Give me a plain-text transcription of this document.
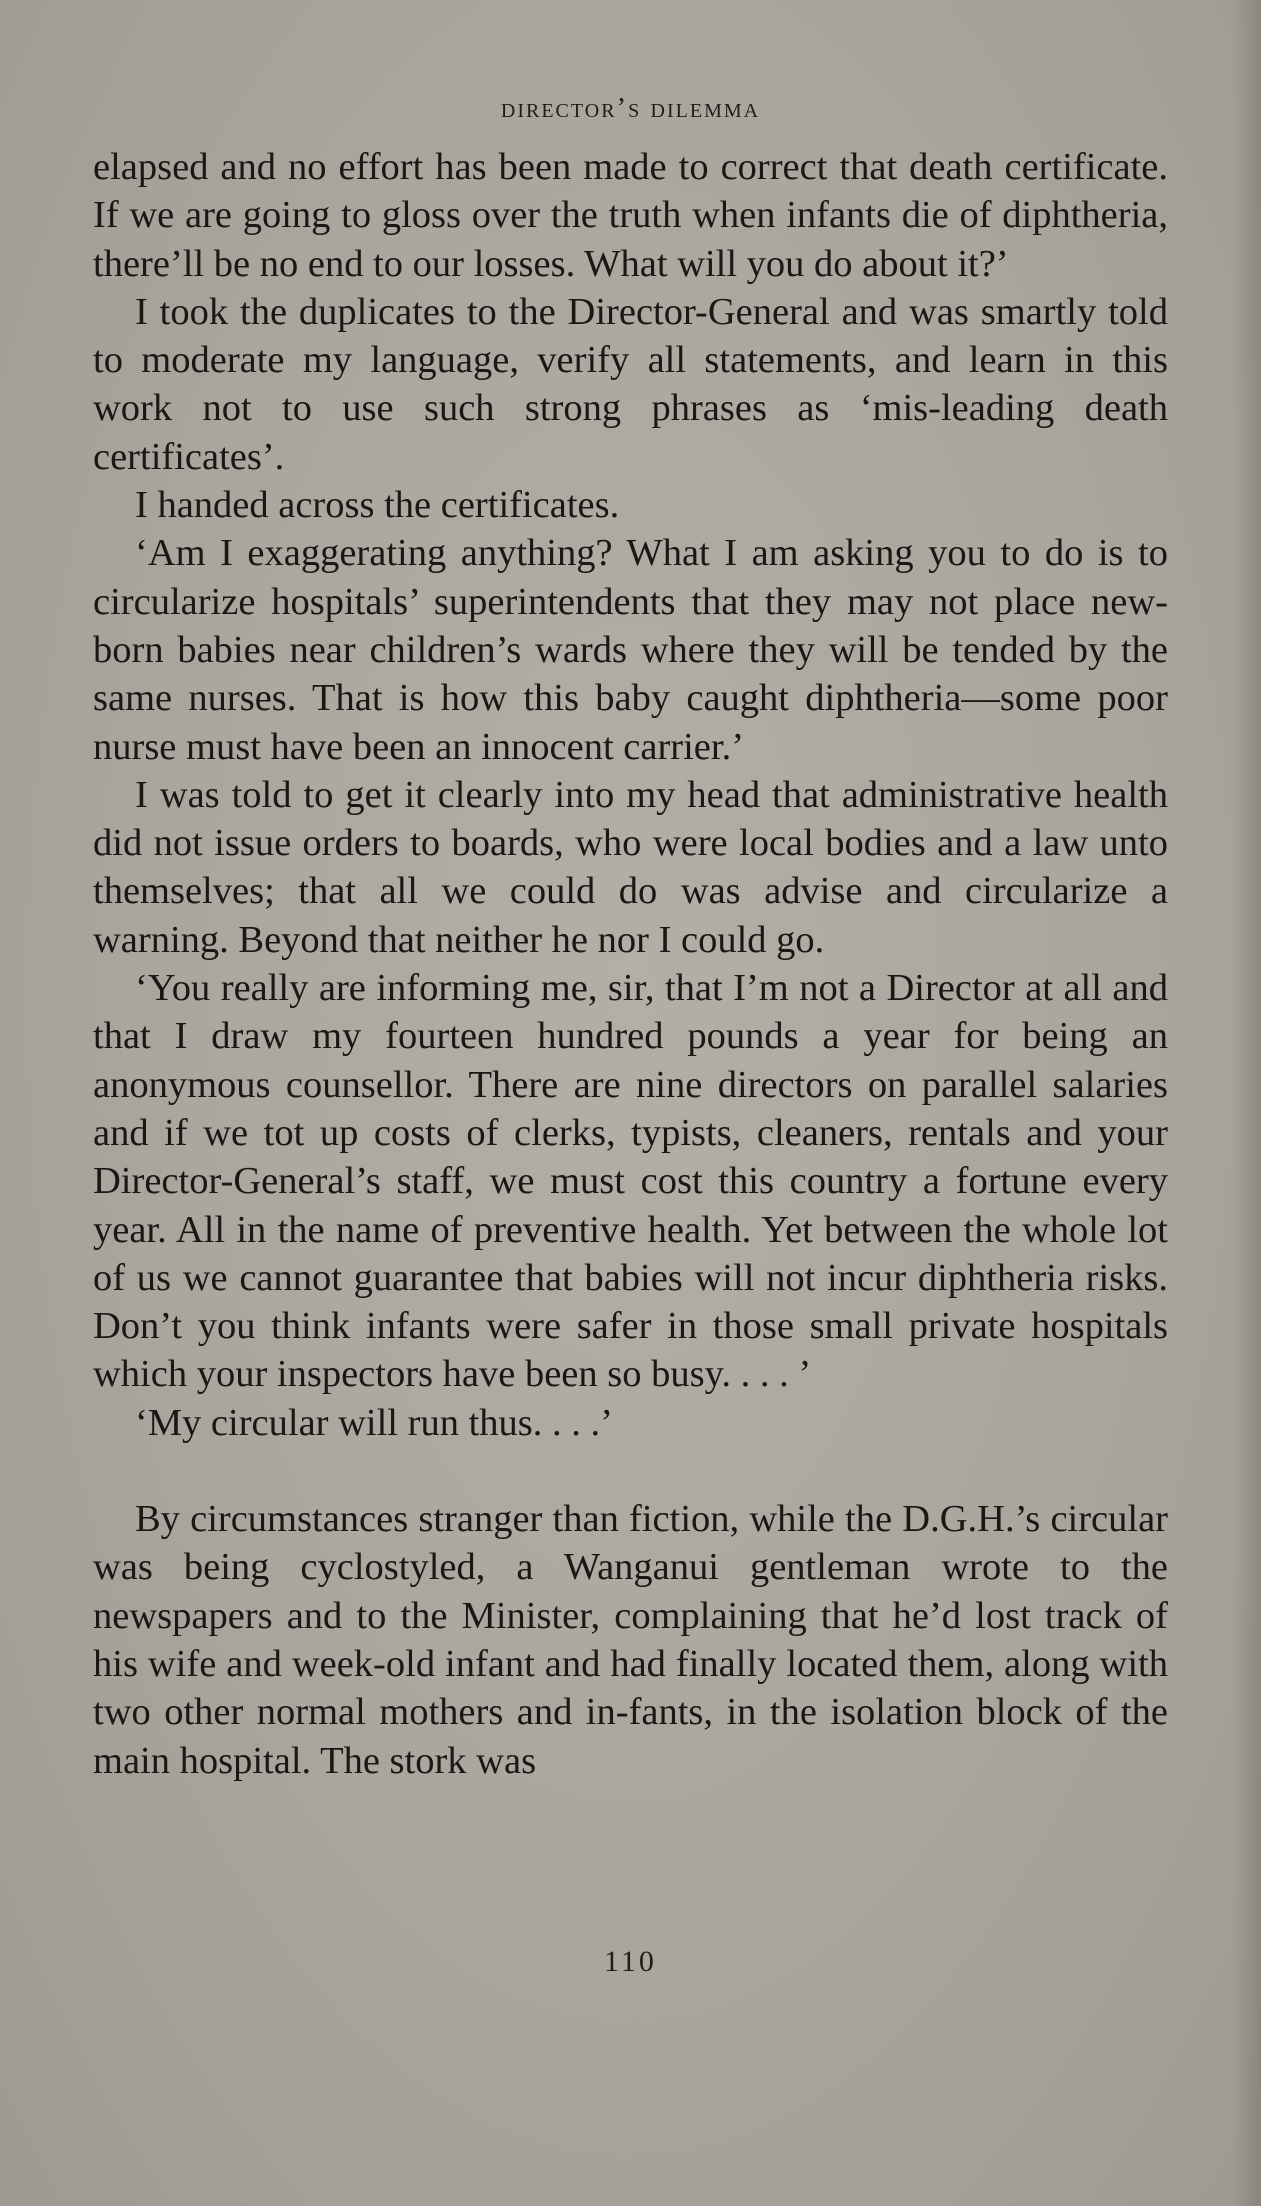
director’s dilemma

elapsed and no effort has been made to correct that death certificate. If we are going to gloss over the truth when infants die of diphtheria, there’ll be no end to our losses. What will you do about it?’

I took the duplicates to the Director-General and was smartly told to moderate my language, verify all statements, and learn in this work not to use such strong phrases as ‘mis-leading death certificates’.

I handed across the certificates.

‘Am I exaggerating anything? What I am asking you to do is to circularize hospitals’ superintendents that they may not place new-born babies near children’s wards where they will be tended by the same nurses. That is how this baby caught diphtheria—some poor nurse must have been an innocent carrier.’

I was told to get it clearly into my head that administrative health did not issue orders to boards, who were local bodies and a law unto themselves; that all we could do was advise and circularize a warning. Beyond that neither he nor I could go.

‘You really are informing me, sir, that I’m not a Director at all and that I draw my fourteen hundred pounds a year for being an anonymous counsellor. There are nine directors on parallel salaries and if we tot up costs of clerks, typists, cleaners, rentals and your Director-General’s staff, we must cost this country a fortune every year. All in the name of preventive health. Yet between the whole lot of us we cannot guarantee that babies will not incur diphtheria risks. Don’t you think infants were safer in those small private hospitals which your inspectors have been so busy. . . . ’

‘My circular will run thus. . . .’

By circumstances stranger than fiction, while the D.G.H.’s circular was being cyclostyled, a Wanganui gentleman wrote to the newspapers and to the Minister, complaining that he’d lost track of his wife and week-old infant and had finally located them, along with two other normal mothers and in-fants, in the isolation block of the main hospital. The stork was

110
